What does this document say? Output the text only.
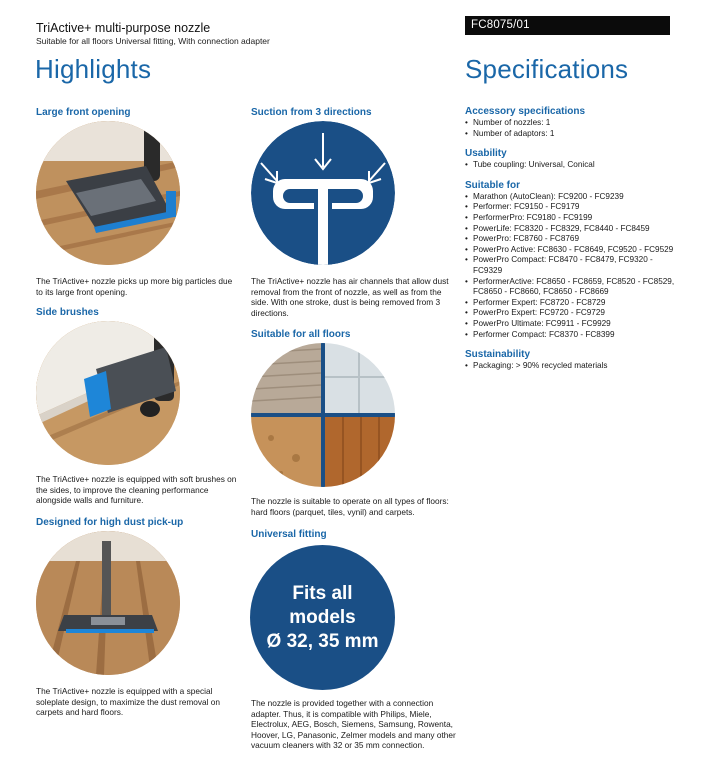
TriActive+ multi-purpose nozzle
Suitable for all floors Universal fitting, With connection adapter
FC8075/01
Highlights	Specifications
Large front opening
The TriActive+ nozzle picks up more big particles due to its large front opening.
Side brushes
The TriActive+ nozzle is equipped with soft brushes on the sides, to improve the cleaning performance alongside walls and furniture.
Designed for high dust pick-up
The TriActive+ nozzle is equipped with a special soleplate design, to maximize the dust removal on carpets and hard floors.
Suction from 3 directions
The TriActive+ nozzle has air channels that allow dust removal from the front of nozzle, as well as from the side. With one stroke, dust is being removed from 3 directions.
Suitable for all floors
The nozzle is suitable to operate on all types of floors: hard floors (parquet, tiles, vynil) and carpets.
Universal fitting
Fits all
models
Ø 32, 35 mm
The nozzle is provided together with a connection adapter. Thus, it is compatible with Philips, Miele, Electrolux, AEG, Bosch, Siemens, Samsung, Rowenta, Hoover, LG, Panasonic, Zelmer models and many other vacuum cleaners with 32 or 35 mm connection.
Accessory specifications
• Number of nozzles: 1
• Number of adaptors: 1
Usability
• Tube coupling: Universal, Conical
Suitable for
• Marathon (AutoClean): FC9200 - FC9239
• Performer: FC9150 - FC9179
• PerformerPro: FC9180 - FC9199
• PowerLife: FC8320 - FC8329, FC8440 - FC8459
• PowerPro: FC8760 - FC8769
• PowerPro Active: FC8630 - FC8649, FC9520 - FC9529
• PowerPro Compact: FC8470 - FC8479, FC9320 - FC9329
• PerformerActive: FC8650 - FC8659, FC8520 - FC8529, FC8650 - FC8660, FC8650 - FC8669
• Performer Expert: FC8720 - FC8729
• PowerPro Expert: FC9720 - FC9729
• PowerPro Ultimate: FC9911 - FC9929
• Performer Compact: FC8370 - FC8399
Sustainability
• Packaging: > 90% recycled materials
